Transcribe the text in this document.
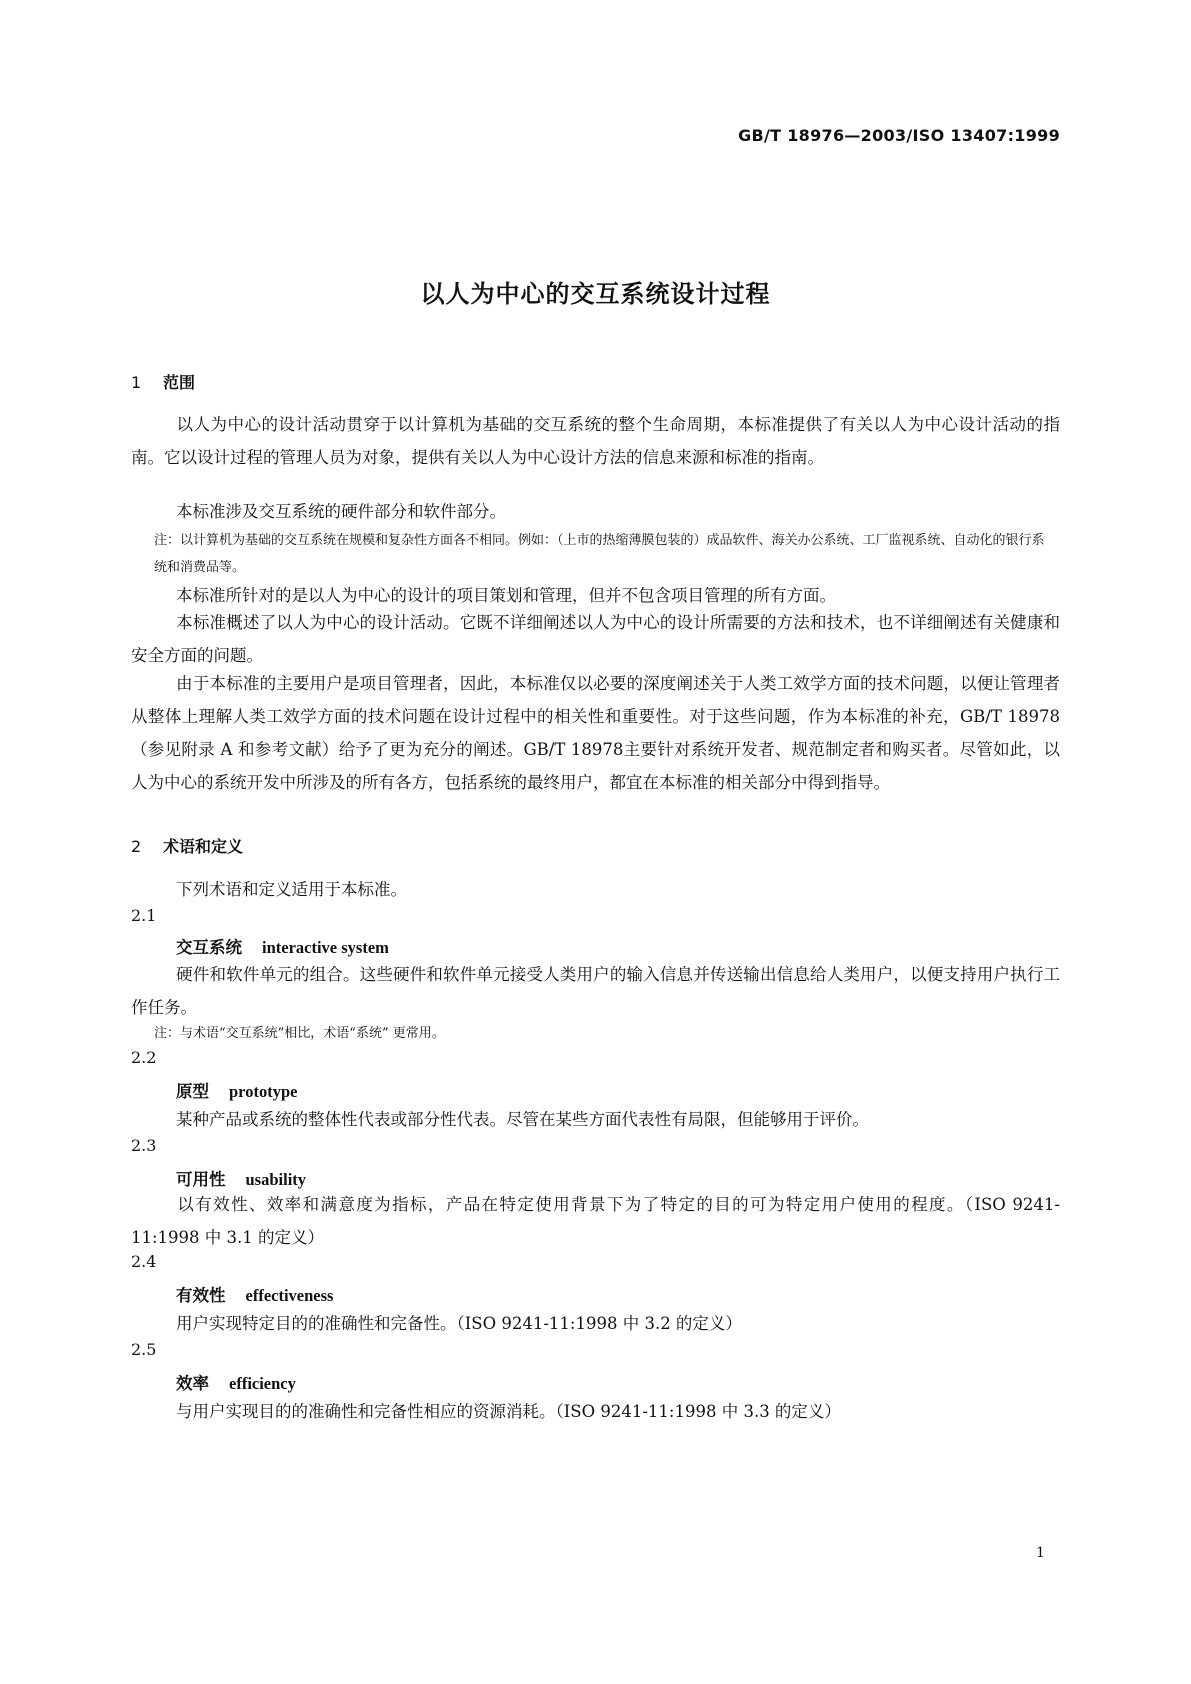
GB/T 18976—2003/ISO 13407:1999
以人为中心的交互系统设计过程
1 范围
以人为中心的设计活动贯穿于以计算机为基础的交互系统的整个生命周期，本标准提供了有关以人为中心设计活动的指南。它以设计过程的管理人员为对象，提供有关以人为中心设计方法的信息来源和标准的指南。
本标准涉及交互系统的硬件部分和软件部分。
注：以计算机为基础的交互系统在规模和复杂性方面各不相同。例如：（上市的热缩薄膜包装的）成品软件、海关办公系统、工厂监视系统、自动化的银行系统和消费品等。
本标准所针对的是以人为中心的设计的项目策划和管理，但并不包含项目管理的所有方面。
本标准概述了以人为中心的设计活动。它既不详细阐述以人为中心的设计所需要的方法和技术，也不详细阐述有关健康和安全方面的问题。
由于本标准的主要用户是项目管理者，因此，本标准仅以必要的深度阐述关于人类工效学方面的技术问题，以便让管理者从整体上理解人类工效学方面的技术问题在设计过程中的相关性和重要性。对于这些问题，作为本标准的补充，GB/T 18978（参见附录 A 和参考文献）给予了更为充分的阐述。GB/T 18978主要针对系统开发者、规范制定者和购买者。尽管如此，以人为中心的系统开发中所涉及的所有各方，包括系统的最终用户，都宜在本标准的相关部分中得到指导。
2 术语和定义
下列术语和定义适用于本标准。
2.1
交互系统 interactive system
硬件和软件单元的组合。这些硬件和软件单元接受人类用户的输入信息并传送输出信息给人类用户，以便支持用户执行工作任务。
注：与术语“交互系统”相比，术语“系统” 更常用。
2.2
原型 prototype
某种产品或系统的整体性代表或部分性代表。尽管在某些方面代表性有局限，但能够用于评价。
2.3
可用性 usability
以有效性、效率和满意度为指标，产品在特定使用背景下为了特定的目的可为特定用户使用的程度。（ISO 9241-11:1998 中 3.1 的定义）
2.4
有效性 effectiveness
用户实现特定目的的准确性和完备性。（ISO 9241-11:1998 中 3.2 的定义）
2.5
效率 efficiency
与用户实现目的的准确性和完备性相应的资源消耗。（ISO 9241-11:1998 中 3.3 的定义）
1
